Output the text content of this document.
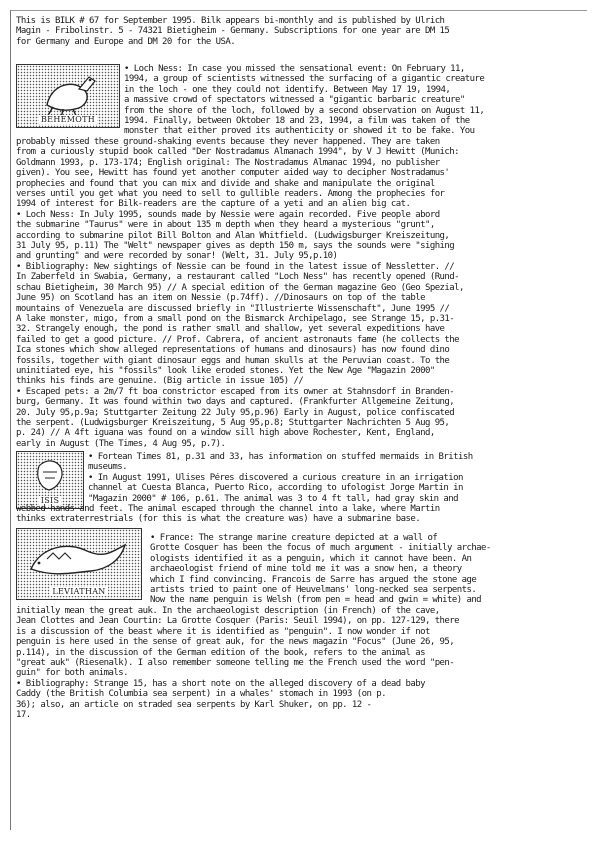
This is BILK # 67 for September 1995. Bilk appears bi-monthly and is published by Ulrich
Magin - Fribolinstr. 5 - 74321 Bietigheim - Germany. Subscriptions for one year are DM 15
for Germany and Europe and DM 20 for the USA.
BEHEMOTH
• Loch Ness: In case you missed the sensational event: On February 11,
1994, a group of scientists witnessed the surfacing of a gigantic creature
in the loch - one they could not identify. Between May 17 19, 1994,
a massive crowd of spectators witnessed a "gigantic barbaric creature"
from the shore of the loch, followed by a second observation on August 11,
1994. Finally, between Oktober 18 and 23, 1994, a film was taken of the
monster that either proved its authenticity or showed it to be fake. You
probably missed these ground-shaking events because they never happened. They are taken
from a curiously stupid book called "Der Nostradamus Almanach 1994", by V J Hewitt (Munich:
Goldmann 1993, p. 173-174; English original: The Nostradamus Almanac 1994, no publisher
given). You see, Hewitt has found yet another computer aided way to decipher Nostradamus'
prophecies and found that you can mix and divide and shake and manipulate the original
verses until you get what you need to sell to gullible readers. Among the prophecies for
1994 of interest for Bilk-readers are the capture of a yeti and an alien big cat.
• Loch Ness: In July 1995, sounds made by Nessie were again recorded. Five people abord
the submarine "Taurus" were in about 135 m depth when they heard a mysterious "grunt",
according to submarine pilot Bill Bolton and Alan Whitfield. (Ludwigsburger Kreiszeitung,
31 July 95, p.11) The "Welt" newspaper gives as depth 150 m, says the sounds were "sighing
and grunting" and were recorded by sonar! (Welt, 31. July 95,p.10)
• Bibliography: New sightings of Nessie can be found in the latest issue of Nessletter. //
In Zaberfeld in Swabia, Germany, a restaurant called "Loch Ness" has recently opened (Rund-
schau Bietigheim, 30 March 95) // A special edition of the German magazine Geo (Geo Spezial,
June 95) on Scotland has an item on Nessie (p.74ff). //Dinosaurs on top of the table
mountains of Venezuela are discussed briefly in "Illustrierte Wissenschaft", June 1995 //
A lake monster, migo, from a small pond on the Bismarck Archipelago, see Strange 15, p.31-
32. Strangely enough, the pond is rather small and shallow, yet several expeditions have
failed to get a good picture. // Prof. Cabrera, of ancient astronauts fame (he collects the
Ica stones which show alleged representations of humans and dinosaurs) has now found dino
fossils, together with giant dinosaur eggs and human skulls at the Peruvian coast. To the
uninitiated eye, his "fossils" look like eroded stones. Yet the New Age "Magazin 2000"
thinks his finds are genuine. (Big article in issue 105) //
• Escaped pets: a 2m/7 ft boa constrictor escaped from its owner at Stahnsdorf in Branden-
burg, Germany. It was found within two days and captured. (Frankfurter Allgemeine Zeitung,
20. July 95,p.9a; Stuttgarter Zeitung 22 July 95,p.96) Early in August, police confiscated
the serpent. (Ludwigsburger Kreiszeitung, 5 Aug 95,p.8; Stuttgarter Nachrichten 5 Aug 95,
p. 24) // A 4ft iguana was found on a window sill high above Rochester, Kent, England,
early in August (The Times, 4 Aug 95, p.7).
ISIS
• Fortean Times 81, p.31 and 33, has information on stuffed mermaids in British
museums.
• In August 1991, Ulises Péres discovered a curious creature in an irrigation
channel at Cuesta Blanca, Puerto Rico, according to ufologist Jorge Martin in
"Magazin 2000" # 106, p.61. The animal was 3 to 4 ft tall, had gray skin and
webbed hands and feet. The animal escaped through the channel into a lake, where Martin
thinks extraterrestrials (for this is what the creature was) have a submarine base.
LEVIATHAN
• France: The strange marine creature depicted at a wall of
Grotte Cosquer has been the focus of much argument - initially archae-
ologists identified it as a penguin, which it cannot have been. An
archaeologist friend of mine told me it was a snow hen, a theory
which I find convincing. Francois de Sarre has argued the stone age
artists tried to paint one of Heuvelmans' long-necked sea serpents.
Now the name penguin is Welsh (from pen = head and gwin = white) and
initially mean the great auk. In the archaeologist description (in French) of the cave,
Jean Clottes and Jean Courtin: La Grotte Cosquer (Paris: Seuil 1994), on pp. 127-129, there
is a discussion of the beast where it is identified as "penguin". I now wonder if not
penguin is here used in the sense of great auk, for the news magazin "Focus" (June 26, 95,
p.114), in the discussion of the German edition of the book, refers to the animal as
"great auk" (Riesenalk). I also remember someone telling me the French used the word "pen-
guin" for both animals.
• Bibliography: Strange 15, has a short note on the alleged discovery of a dead baby
Caddy (the British Columbia sea serpent) in a whales' stomach in 1993 (on p.
36); also, an article on straded sea serpents by Karl Shuker, on pp. 12 -
17.
